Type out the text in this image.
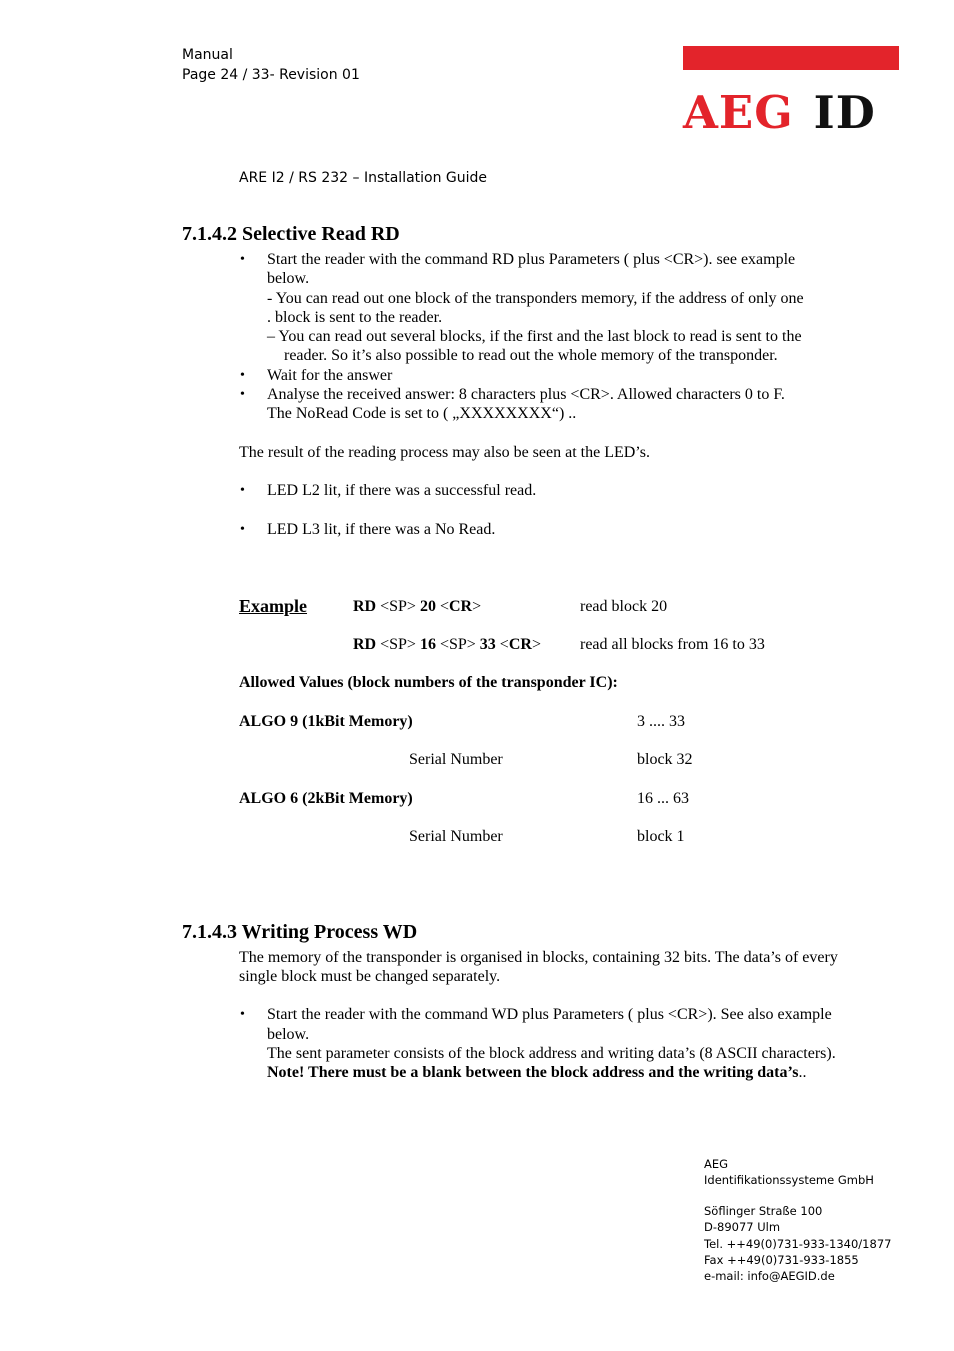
Manual
Page 24 / 33- Revision 01
ARE I2 / RS 232 – Installation Guide
AEG ID
7.1.4.2 Selective Read RD
• Start the reader with the command RD plus Parameters ( plus <CR>). see example
below.
- You can read out one block of the transponders memory, if the address of only one
. block is sent to the reader.
– You can read out several blocks, if the first and the last block to read is sent to the
reader. So it’s also possible to read out the whole memory of the transponder.
• Wait for the answer
• Analyse the received answer: 8 characters plus <CR>. Allowed characters 0 to F.
The NoRead Code is set to ( „XXXXXXXX“) ..
The result of the reading process may also be seen at the LED’s.
• LED L2 lit, if there was a successful read.
• LED L3 lit, if there was a No Read.
Example	RD <SP> 20 <CR>	read block 20
RD <SP> 16 <SP> 33 <CR> read all blocks from 16 to 33
Allowed Values (block numbers of the transponder IC):
ALGO 9 (1kBit Memory)	3 .... 33
Serial Number	block 32
ALGO 6 (2kBit Memory)	16 ... 63
Serial Number	block 1
7.1.4.3 Writing Process WD
The memory of the transponder is organised in blocks, containing 32 bits. The data’s of every
single block must be changed separately.
• Start the reader with the command WD plus Parameters ( plus <CR>). See also example
below.
The sent parameter consists of the block address and writing data’s (8 ASCII characters).
Note! There must be a blank between the block address and the writing data’s..
AEG
Identifikationssysteme GmbH
Söflinger Straße 100
D-89077 Ulm
Tel. ++49(0)731-933-1340/1877
Fax ++49(0)731-933-1855
e-mail: info@AEGID.de
